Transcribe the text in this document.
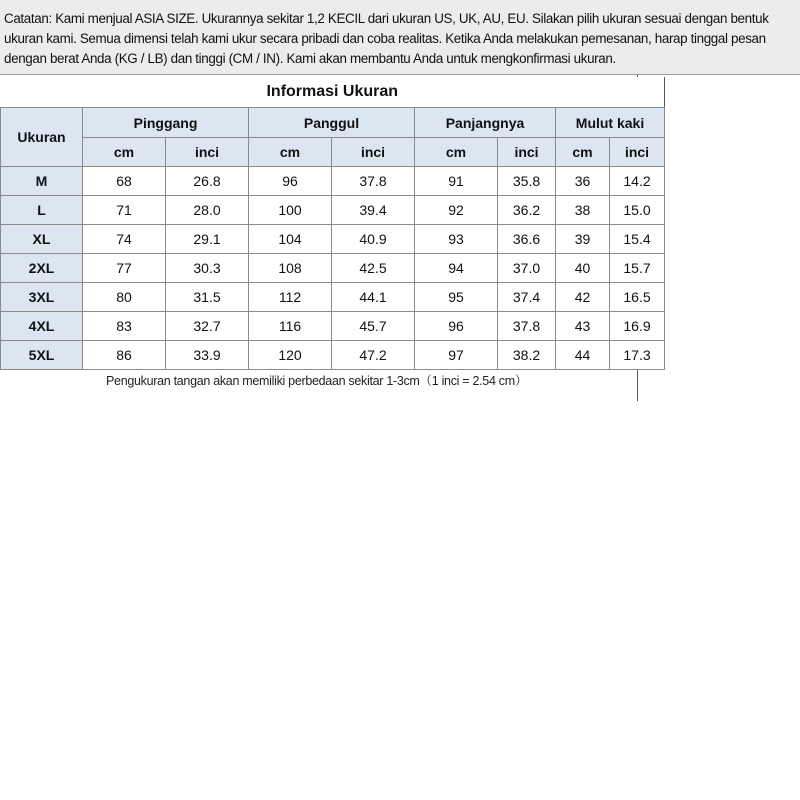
Catatan: Kami menjual ASIA SIZE. Ukurannya sekitar 1,2 KECIL dari ukuran US, UK, AU, EU. Silakan pilih ukuran sesuai dengan bentuk ukuran kami. Semua dimensi telah kami ukur secara pribadi dan coba realitas. Ketika Anda melakukan pemesanan, harap tinggal pesan dengan berat Anda (KG / LB) dan tinggi (CM / IN). Kami akan membantu Anda untuk mengkonfirmasi ukuran.

Informasi Ukuran								
Ukuran	Pinggang		Panggul		Panjangnya		Mulut kaki	
	cm	inci	cm	inci	cm	inci	cm	inci
M	68	26.8	96	37.8	91	35.8	36	14.2
L	71	28.0	100	39.4	92	36.2	38	15.0
XL	74	29.1	104	40.9	93	36.6	39	15.4
2XL	77	30.3	108	42.5	94	37.0	40	15.7
3XL	80	31.5	112	44.1	95	37.4	42	16.5
4XL	83	32.7	116	45.7	96	37.8	43	16.9
5XL	86	33.9	120	47.2	97	38.2	44	17.3
Pengukuran tangan akan memiliki perbedaan sekitar 1-3cm（1 inci = 2.54 cm）
